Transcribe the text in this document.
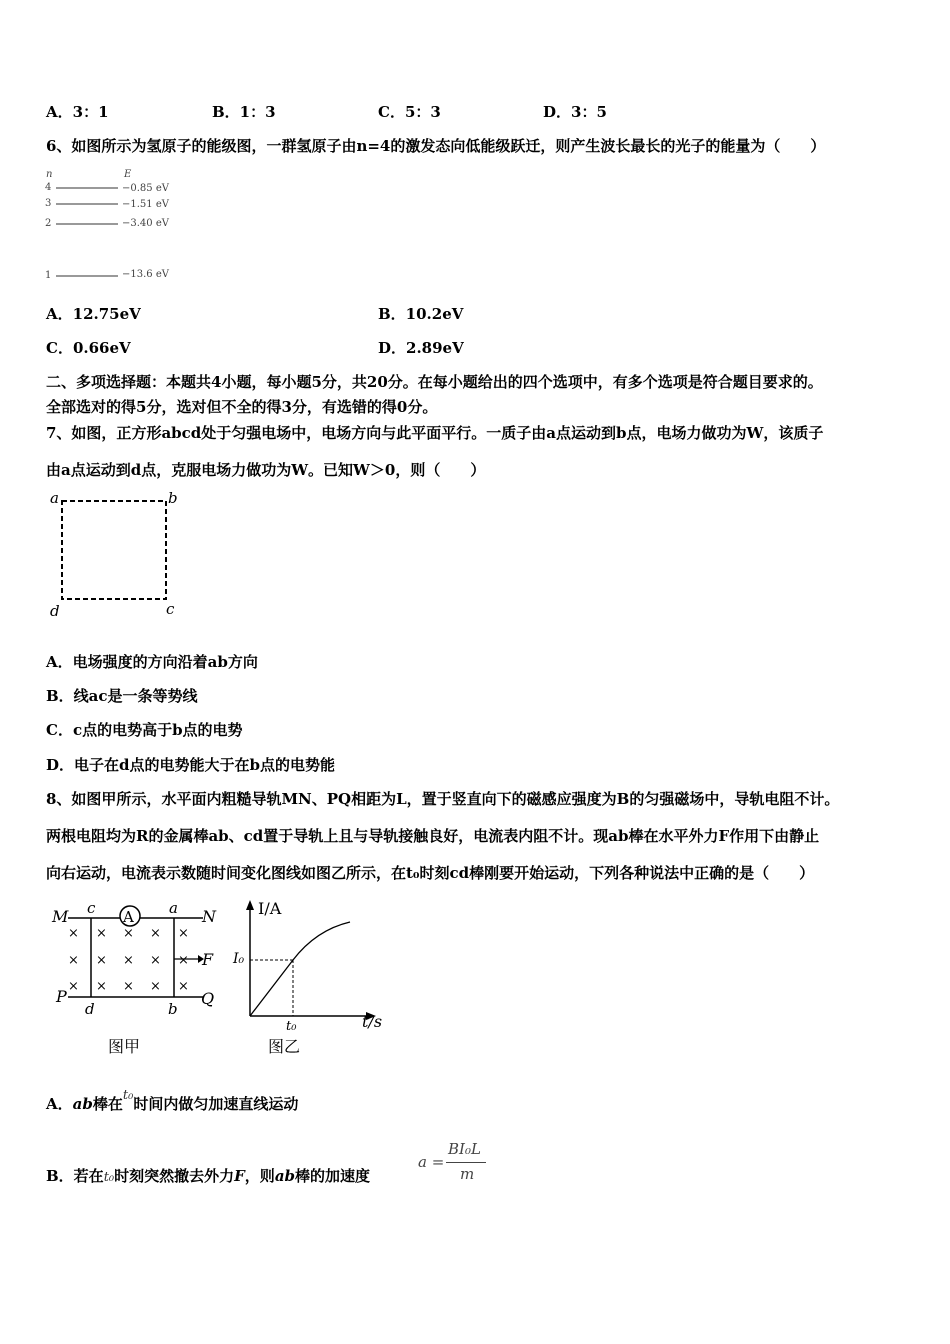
A．3：1	B．1：3	C．5：3	D．3：5
6、如图所示为氢原子的能级图，一群氢原子由n=4的激发态向低能级跃迁，则产生波长最长的光子的能量为（　　）
n	E
4	−0.85 eV
3	−1.51 eV
2	−3.40 eV
1	−13.6 eV
A．12.75eV	B．10.2eV
C．0.66eV	D．2.89eV
二、多项选择题：本题共4小题，每小题5分，共20分。在每小题给出的四个选项中，有多个选项是符合题目要求的。
全部选对的得5分，选对但不全的得3分，有选错的得0分。
7、如图，正方形abcd处于匀强电场中，电场方向与此平面平行。一质子由a点运动到b点，电场力做功为W，该质子
由a点运动到d点，克服电场力做功为W。已知W＞0，则（　　）
a	b
c
d
A．电场强度的方向沿着ab方向
B．线ac是一条等势线
C．c点的电势高于b点的电势
D．电子在d点的电势能大于在b点的电势能
8、如图甲所示，水平面内粗糙导轨MN、PQ相距为L，置于竖直向下的磁感应强度为B的匀强磁场中，导轨电阻不计。
两根电阻均为R的金属棒ab、cd置于导轨上且与导轨接触良好，电流表内阻不计。现ab棒在水平外力F作用下由静止
向右运动，电流表示数随时间变化图线如图乙所示，在t₀时刻cd棒刚要开始运动，下列各种说法中正确的是（　　）
A
M	N
P	Q
c	a
d	b
× × × × ×
× × × × ×
× × × × ×
F
图甲
I/A
t/s
I₀
t₀
图乙
A．ab棒在t₀时间内做匀加速直线运动
B．若在t₀时刻突然撤去外力F，则ab棒的加速度
a =
BI₀L
m
